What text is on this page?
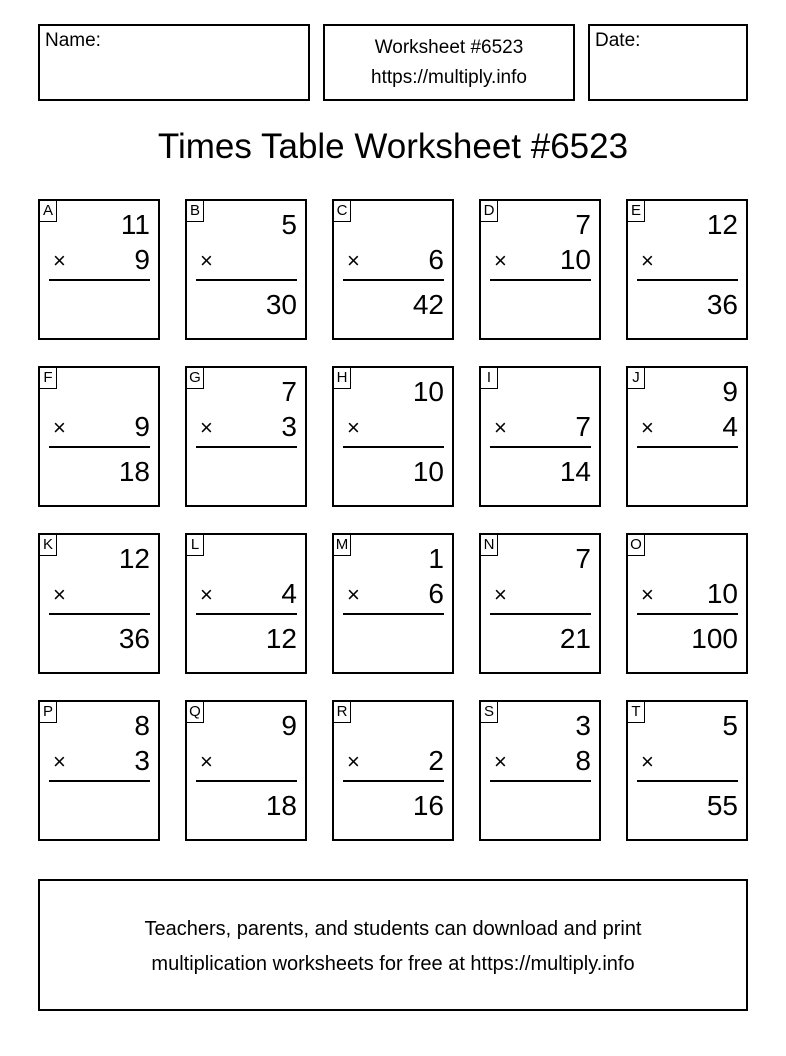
Name:	Worksheet #6523
https://multiply.info
Date:
Times Table Worksheet #6523
A 11
× 9
B	5
×
30
C
× 6
42
D	7
× 10
E 12
×
36
F
× 9
18
G	7
× 3
H 10
×
10
I
× 7
14
J	9
× 4
K 12
×
36
L
× 4
12
M	1
× 6
N	7
×
21
O
× 10
100
P	8
× 3
Q	9
×
18
R
× 2
16
S	3
× 8
T	5
×
55
Teachers, parents, and students can download and print
multiplication worksheets for free at https://multiply.info
